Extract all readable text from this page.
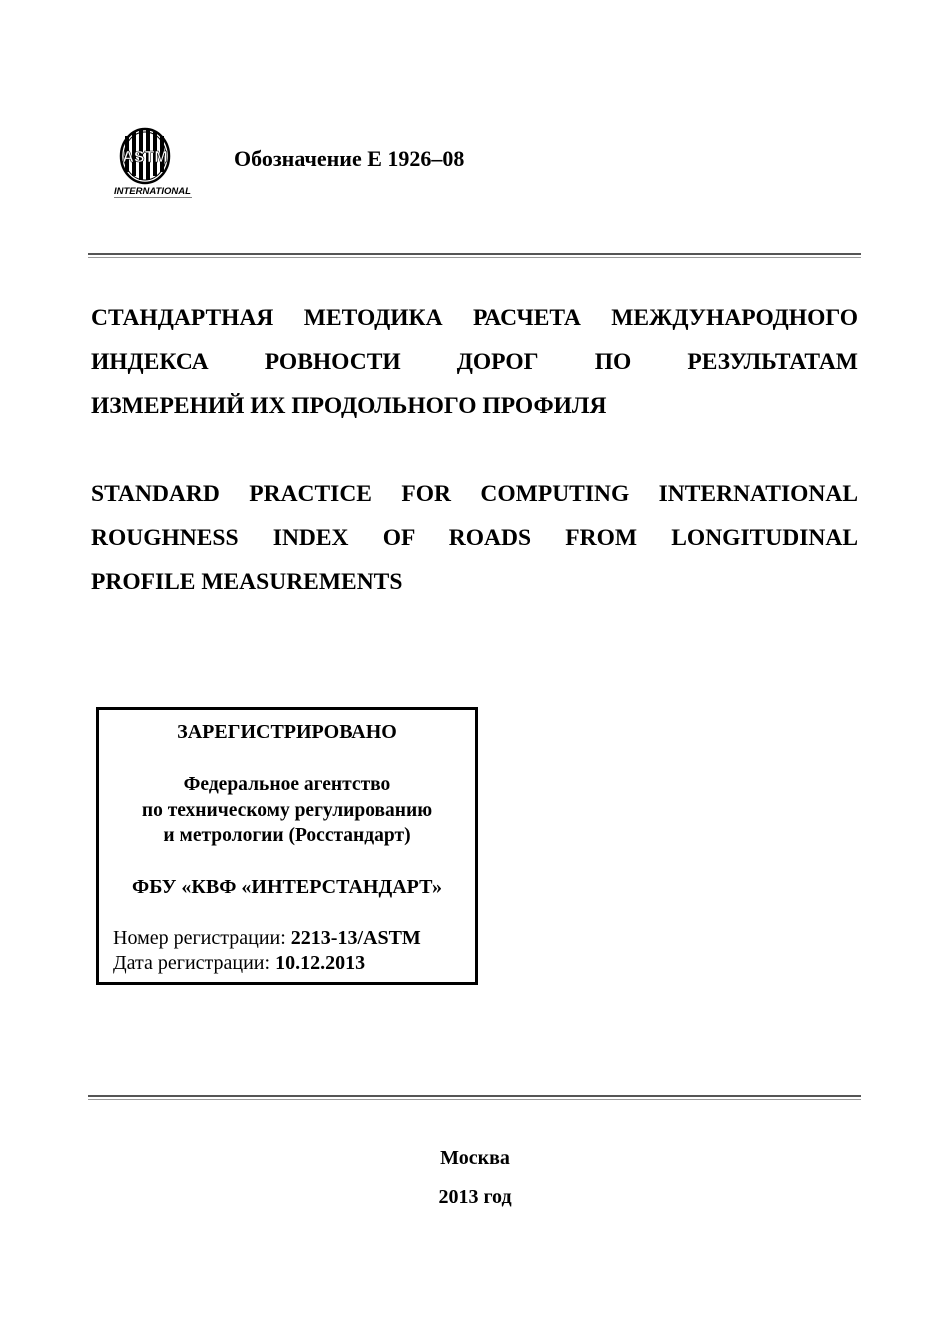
ASTM
INTERNATIONAL
Обозначение Е 1926–08
СТАНДАРТНАЯ МЕТОДИКА РАСЧЕТА МЕЖДУНАРОДНОГО
ИНДЕКСА РОВНОСТИ ДОРОГ ПО РЕЗУЛЬТАТАМ
ИЗМЕРЕНИЙ ИХ ПРОДОЛЬНОГО ПРОФИЛЯ
STANDARD PRACTICE FOR COMPUTING INTERNATIONAL
ROUGHNESS INDEX OF ROADS FROM LONGITUDINAL
PROFILE MEASUREMENTS
ЗАРЕГИСТРИРОВАНО
Федеральное агентство
по техническому регулированию
и метрологии (Росстандарт)
ФБУ «КВФ «ИНТЕРСТАНДАРТ»
Номер регистрации: 2213-13/ASTM
Дата регистрации: 10.12.2013
Москва
2013 год
